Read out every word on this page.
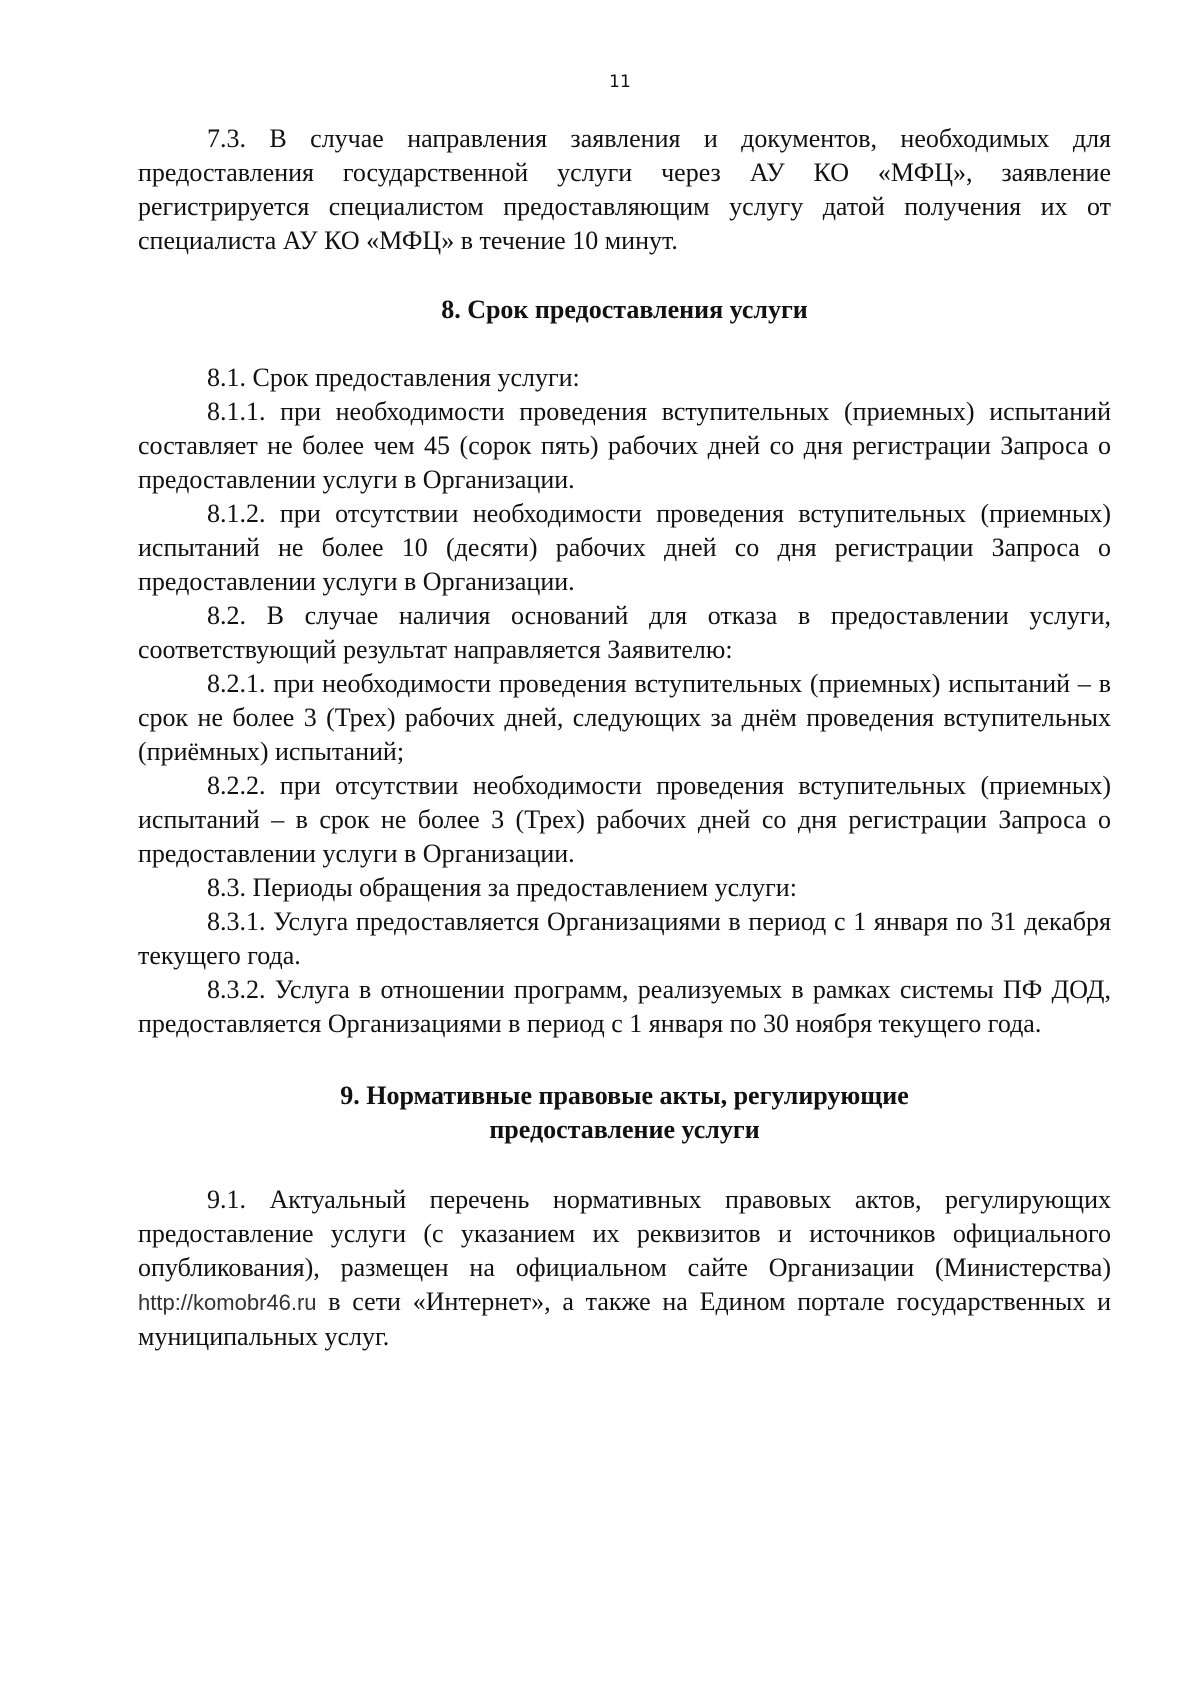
11

7.3. В случае направления заявления и документов, необходимых для предоставления государственной услуги через АУ КО «МФЦ», заявление регистрируется специалистом предоставляющим услугу датой получения их от специалиста АУ КО «МФЦ» в течение 10 минут.

8. Срок предоставления услуги

8.1. Срок предоставления услуги:

8.1.1. при необходимости проведения вступительных (приемных) испытаний составляет не более чем 45 (сорок пять) рабочих дней со дня регистрации Запроса о предоставлении услуги в Организации.

8.1.2. при отсутствии необходимости проведения вступительных (приемных) испытаний не более 10 (десяти) рабочих дней со дня регистрации Запроса о предоставлении услуги в Организации.

8.2. В случае наличия оснований для отказа в предоставлении услуги, соответствующий результат направляется Заявителю:

8.2.1. при необходимости проведения вступительных (приемных) испытаний – в срок не более 3 (Трех) рабочих дней, следующих за днём проведения вступительных (приёмных) испытаний;

8.2.2. при отсутствии необходимости проведения вступительных (приемных) испытаний – в срок не более 3 (Трех) рабочих дней со дня регистрации Запроса о предоставлении услуги в Организации.

8.3. Периоды обращения за предоставлением услуги:

8.3.1. Услуга предоставляется Организациями в период с 1 января по 31 декабря текущего года.

8.3.2. Услуга в отношении программ, реализуемых в рамках системы ПФ ДОД, предоставляется Организациями в период с 1 января по 30 ноября текущего года.

9. Нормативные правовые акты, регулирующие
предоставление услуги

9.1. Актуальный перечень нормативных правовых актов, регулирующих предоставление услуги (с указанием их реквизитов и источников официального опубликования), размещен на официальном сайте Организации (Министерства) http://komobr46.ru в сети «Интернет», а также на Едином портале государственных и муниципальных услуг.
